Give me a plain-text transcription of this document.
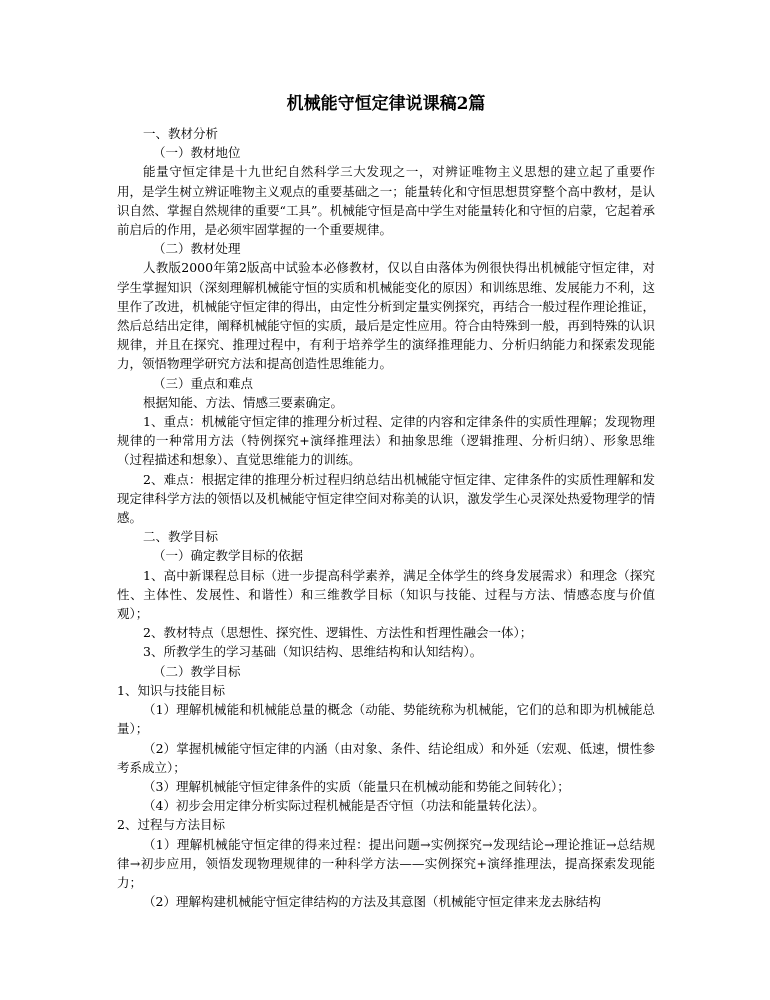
机械能守恒定律说课稿2篇

一、教材分析

（一）教材地位

能量守恒定律是十九世纪自然科学三大发现之一，对辨证唯物主义思想的建立起了重要作用，是学生树立辨证唯物主义观点的重要基础之一；能量转化和守恒思想贯穿整个高中教材，是认识自然、掌握自然规律的重要“工具”。机械能守恒是高中学生对能量转化和守恒的启蒙，它起着承前启后的作用，是必须牢固掌握的一个重要规律。

（二）教材处理

人教版2000年第2版高中试验本必修教材，仅以自由落体为例很快得出机械能守恒定律，对学生掌握知识（深刻理解机械能守恒的实质和机械能变化的原因）和训练思维、发展能力不利，这里作了改进，机械能守恒定律的得出，由定性分析到定量实例探究，再结合一般过程作理论推证，然后总结出定律，阐释机械能守恒的实质，最后是定性应用。符合由特殊到一般，再到特殊的认识规律，并且在探究、推理过程中，有利于培养学生的演绎推理能力、分析归纳能力和探索发现能力，领悟物理学研究方法和提高创造性思维能力。

（三）重点和难点

根据知能、方法、情感三要素确定。

1、重点：机械能守恒定律的推理分析过程、定律的内容和定律条件的实质性理解；发现物理规律的一种常用方法（特例探究+演绎推理法）和抽象思维（逻辑推理、分析归纳）、形象思维（过程描述和想象）、直觉思维能力的训练。

2、难点：根据定律的推理分析过程归纳总结出机械能守恒定律、定律条件的实质性理解和发现定律科学方法的领悟以及机械能守恒定律空间对称美的认识，激发学生心灵深处热爱物理学的情感。

二、教学目标

（一）确定教学目标的依据

1、高中新课程总目标（进一步提高科学素养，满足全体学生的终身发展需求）和理念（探究性、主体性、发展性、和谐性）和三维教学目标（知识与技能、过程与方法、情感态度与价值观）；

2、教材特点（思想性、探究性、逻辑性、方法性和哲理性融会一体）；

3、所教学生的学习基础（知识结构、思维结构和认知结构）。

（二）教学目标

1、知识与技能目标

（1）理解机械能和机械能总量的概念（动能、势能统称为机械能，它们的总和即为机械能总量）；

（2）掌握机械能守恒定律的内涵（由对象、条件、结论组成）和外延（宏观、低速，惯性参考系成立）；

（3）理解机械能守恒定律条件的实质（能量只在机械动能和势能之间转化）；

（4）初步会用定律分析实际过程机械能是否守恒（功法和能量转化法）。

2、过程与方法目标

（1）理解机械能守恒定律的得来过程：提出问题→实例探究→发现结论→理论推证→总结规律→初步应用，领悟发现物理规律的一种科学方法——实例探究+演绎推理法，提高探索发现能力；

（2）理解构建机械能守恒定律结构的方法及其意图（机械能守恒定律来龙去脉结构
